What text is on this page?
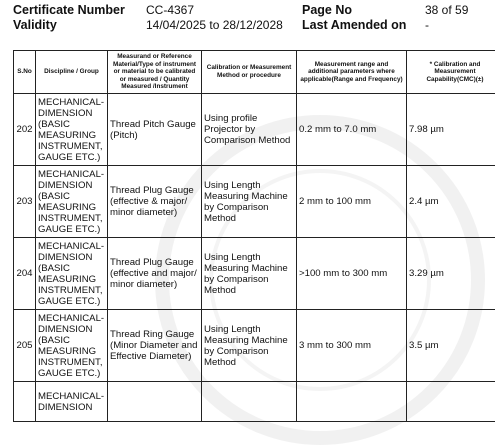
Certificate Number CC-4367	Page No	38 of 59
Validity	14/04/2025 to 28/12/2028 Last Amended on -
S.No	Discipline / Group	Measurand or Reference Material/Type of instrument or material to be calibrated or measured / Quantity Measured /Instrument	Calibration or Measurement Method or procedure	Measurement range and additional parameters where applicable(Range and Frequency)	* Calibration and Measurement Capability(CMC)(±)
202	MECHANICAL- DIMENSION (BASIC MEASURING INSTRUMENT, GAUGE ETC.)	Thread Pitch Gauge (Pitch)	Using profile Projector by Comparison Method	0.2 mm to 7.0 mm	7.98 µm
203	MECHANICAL- DIMENSION (BASIC MEASURING INSTRUMENT, GAUGE ETC.)	Thread Plug Gauge (effective & major/ minor diameter)	Using Length Measuring Machine by Comparison Method	2 mm to 100 mm	2.4 µm
204	MECHANICAL- DIMENSION (BASIC MEASURING INSTRUMENT, GAUGE ETC.)	Thread Plug Gauge (effective and major/ minor diameter)	Using Length Measuring Machine by Comparison Method	>100 mm to 300 mm	3.29 µm
205	MECHANICAL- DIMENSION (BASIC MEASURING INSTRUMENT, GAUGE ETC.)	Thread Ring Gauge (Minor Diameter and Effective Diameter)	Using Length Measuring Machine by Comparison Method	3 mm to 300 mm	3.5 µm
	MECHANICAL- DIMENSION				
